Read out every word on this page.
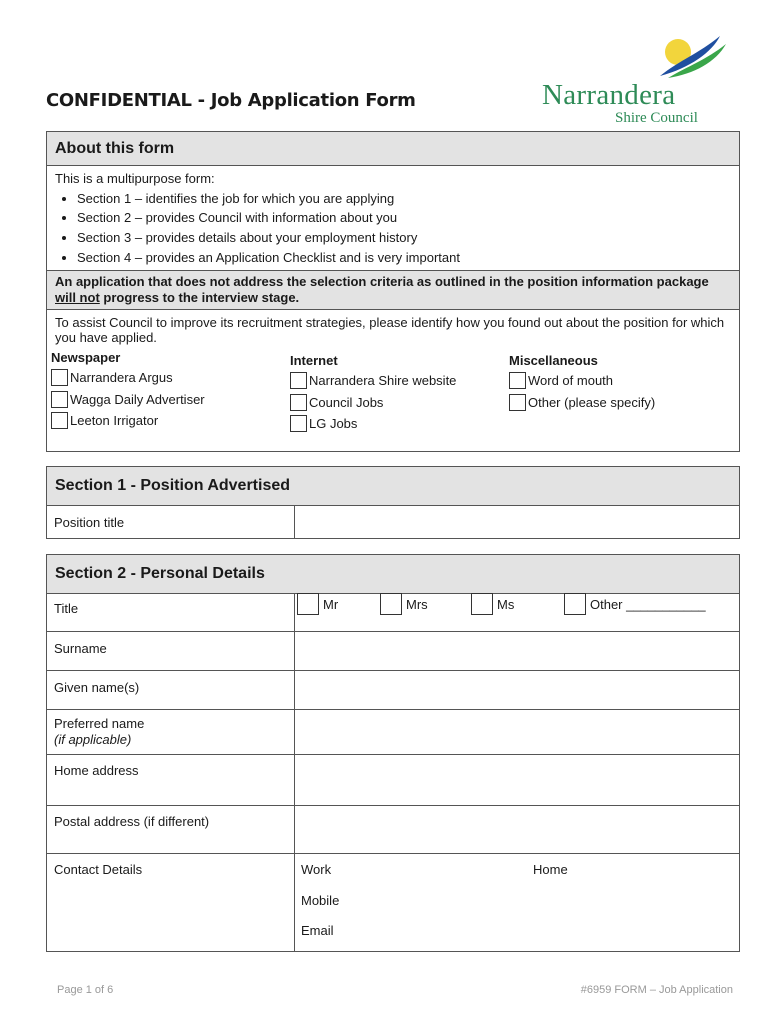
CONFIDENTIAL - Job Application Form	Narrandera
Shire Council
About this form
This is a multipurpose form:
• Section 1 – identifies the job for which you are applying
• Section 2 – provides Council with information about you
• Section 3 – provides details about your employment history
• Section 4 – provides an Application Checklist and is very important
An application that does not address the selection criteria as outlined in the position information package will not progress to the interview stage.
To assist Council to improve its recruitment strategies, please identify how you found out about the position for which you have applied.
Newspaper
Narrandera Argus
Wagga Daily Advertiser
Leeton Irrigator
Internet
Narrandera Shire website
Council Jobs
LG Jobs
Miscellaneous
Word of mouth
Other (please specify)
Section 1 - Position Advertised
Position title
Section 2 - Personal Details
Title	Mr	Mrs	Ms	Other ___________
Surname
Given name(s)
Preferred name
(if applicable)
Home address
Postal address (if different)
Contact Details	Work	Home
Mobile
Email
Page 1 of 6	#6959 FORM – Job Application
